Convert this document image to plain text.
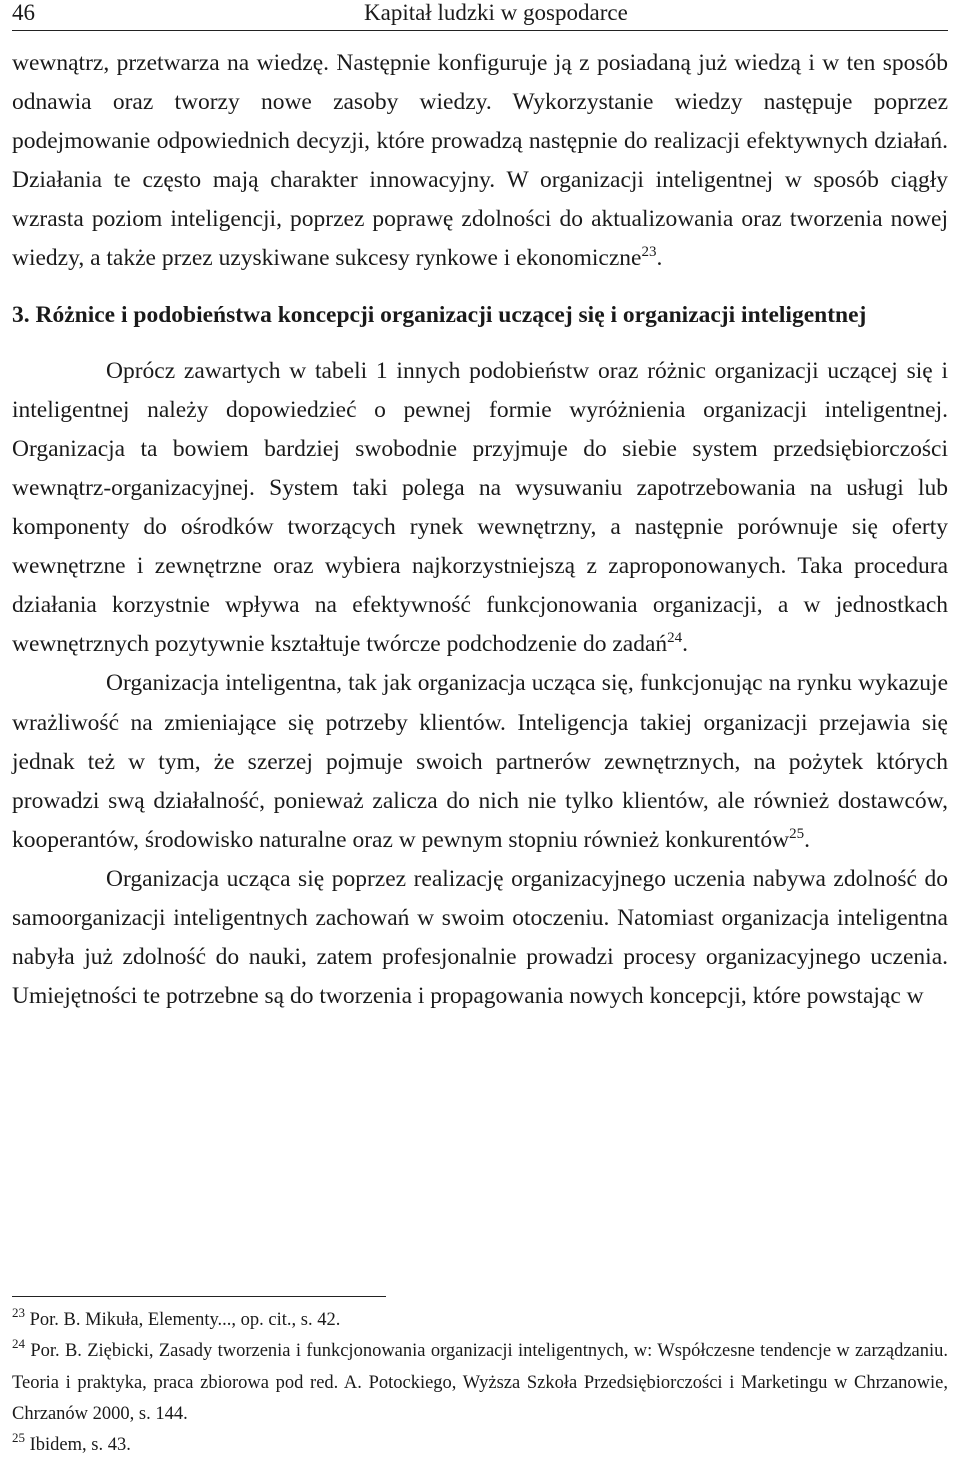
46	Kapitał ludzki w gospodarce

wewnątrz, przetwarza na wiedzę. Następnie konfiguruje ją z posiadaną już wiedzą i w ten sposób odnawia oraz tworzy nowe zasoby wiedzy. Wykorzystanie wiedzy następuje poprzez podejmowanie odpowiednich decyzji, które prowadzą następnie do realizacji efektywnych działań. Działania te często mają charakter innowacyjny. W organizacji inteligentnej w sposób ciągły wzrasta poziom inteligencji, poprzez poprawę zdolności do aktualizowania oraz tworzenia nowej wiedzy, a także przez uzyskiwane sukcesy rynkowe i ekonomiczne$^{23}$.

3. Różnice i podobieństwa koncepcji organizacji uczącej się i organizacji inteligentnej

Oprócz zawartych w tabeli 1 innych podobieństw oraz różnic organizacji uczącej się i inteligentnej należy dopowiedzieć o pewnej formie wyróżnienia organizacji inteligentnej. Organizacja ta bowiem bardziej swobodnie przyjmuje do siebie system przedsiębiorczości wewnątrz-organizacyjnej. System taki polega na wysuwaniu zapotrzebowania na usługi lub komponenty do ośrodków tworzących rynek wewnętrzny, a następnie porównuje się oferty wewnętrzne i zewnętrzne oraz wybiera najkorzystniejszą z zaproponowanych. Taka procedura działania korzystnie wpływa na efektywność funkcjonowania organizacji, a w jednostkach wewnętrznych pozytywnie kształtuje twórcze podchodzenie do zadań$^{24}$.

Organizacja inteligentna, tak jak organizacja ucząca się, funkcjonując na rynku wykazuje wrażliwość na zmieniające się potrzeby klientów. Inteligencja takiej organizacji przejawia się jednak też w tym, że szerzej pojmuje swoich partnerów zewnętrznych, na pożytek których prowadzi swą działalność, ponieważ zalicza do nich nie tylko klientów, ale również dostawców, kooperantów, środowisko naturalne oraz w pewnym stopniu również konkurentów$^{25}$.

Organizacja ucząca się poprzez realizację organizacyjnego uczenia nabywa zdolność do samoorganizacji inteligentnych zachowań w swoim otoczeniu. Natomiast organizacja inteligentna nabyła już zdolność do nauki, zatem profesjonalnie prowadzi procesy organizacyjnego uczenia. Umiejętności te potrzebne są do tworzenia i propagowania nowych koncepcji, które powstając w

$^{23}$ Por. B. Mikuła, Elementy..., op. cit., s. 42.

$^{24}$ Por. B. Ziębicki, Zasady tworzenia i funkcjonowania organizacji inteligentnych, w: Współczesne tendencje w zarządzaniu. Teoria i praktyka, praca zbiorowa pod red. A. Potockiego, Wyższa Szkoła Przedsiębiorczości i Marketingu w Chrzanowie, Chrzanów 2000, s. 144.

$^{25}$ Ibidem, s. 43.
